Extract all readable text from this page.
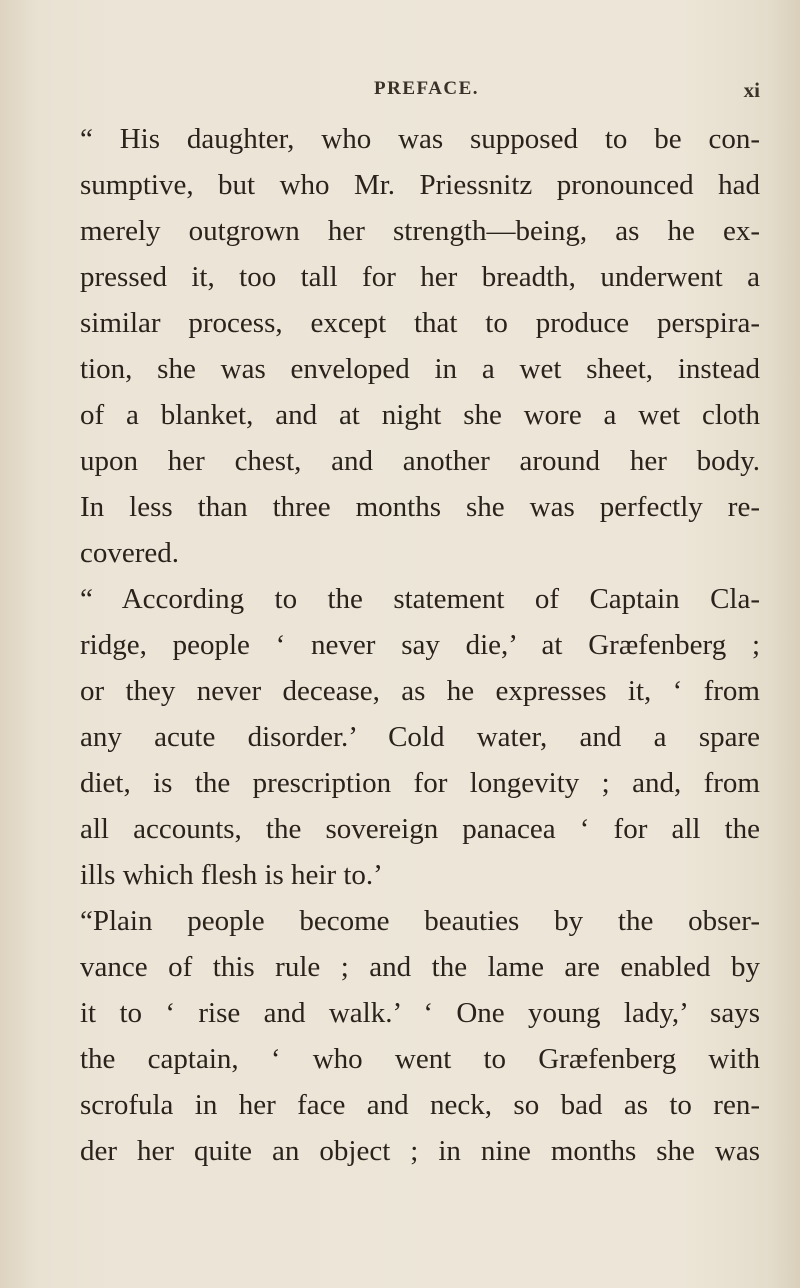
PREFACE.	xi
“ His daughter, who was supposed to be con-
sumptive, but who Mr. Priessnitz pronounced had
merely outgrown her strength—being, as he ex-
pressed it, too tall for her breadth, underwent a
similar process, except that to produce perspira-
tion, she was enveloped in a wet sheet, instead
of a blanket, and at night she wore a wet cloth
upon her chest, and another around her body.
In less than three months she was perfectly re-
covered.
“ According to the statement of Captain Cla-
ridge, people ‘ never say die,’ at Græfenberg ;
or they never decease, as he expresses it, ‘ from
any acute disorder.’ Cold water, and a spare
diet, is the prescription for longevity ; and, from
all accounts, the sovereign panacea ‘ for all the
ills which flesh is heir to.’
“Plain people become beauties by the obser-
vance of this rule ; and the lame are enabled by
it to ‘ rise and walk.’ ‘ One young lady,’ says
the captain, ‘ who went to Græfenberg with
scrofula in her face and neck, so bad as to ren-
der her quite an object ; in nine months she was
